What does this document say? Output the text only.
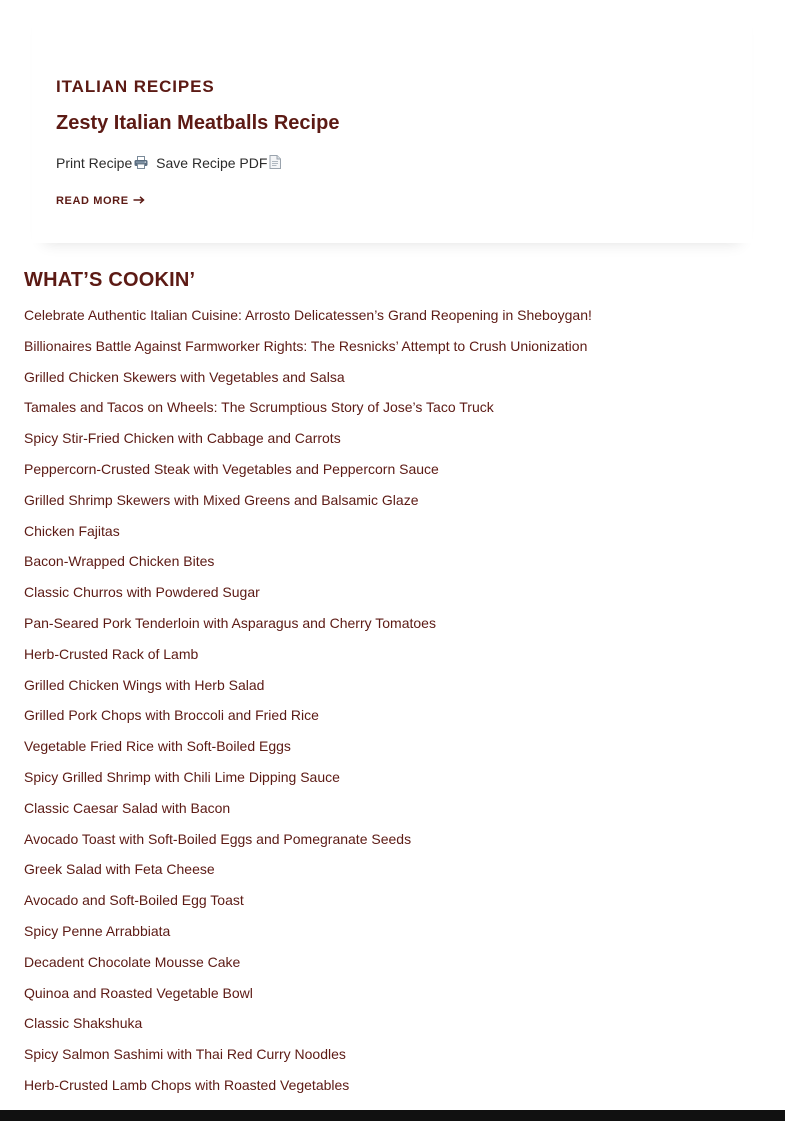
ITALIAN RECIPES
Zesty Italian Meatballs Recipe
Print Recipe Save Recipe PDF
READ MORE
WHAT’S COOKIN’
Celebrate Authentic Italian Cuisine: Arrosto Delicatessen’s Grand Reopening in Sheboygan!
Billionaires Battle Against Farmworker Rights: The Resnicks’ Attempt to Crush Unionization
Grilled Chicken Skewers with Vegetables and Salsa
Tamales and Tacos on Wheels: The Scrumptious Story of Jose’s Taco Truck
Spicy Stir-Fried Chicken with Cabbage and Carrots
Peppercorn-Crusted Steak with Vegetables and Peppercorn Sauce
Grilled Shrimp Skewers with Mixed Greens and Balsamic Glaze
Chicken Fajitas
Bacon-Wrapped Chicken Bites
Classic Churros with Powdered Sugar
Pan-Seared Pork Tenderloin with Asparagus and Cherry Tomatoes
Herb-Crusted Rack of Lamb
Grilled Chicken Wings with Herb Salad
Grilled Pork Chops with Broccoli and Fried Rice
Vegetable Fried Rice with Soft-Boiled Eggs
Spicy Grilled Shrimp with Chili Lime Dipping Sauce
Classic Caesar Salad with Bacon
Avocado Toast with Soft-Boiled Eggs and Pomegranate Seeds
Greek Salad with Feta Cheese
Avocado and Soft-Boiled Egg Toast
Spicy Penne Arrabbiata
Decadent Chocolate Mousse Cake
Quinoa and Roasted Vegetable Bowl
Classic Shakshuka
Spicy Salmon Sashimi with Thai Red Curry Noodles
Herb-Crusted Lamb Chops with Roasted Vegetables
